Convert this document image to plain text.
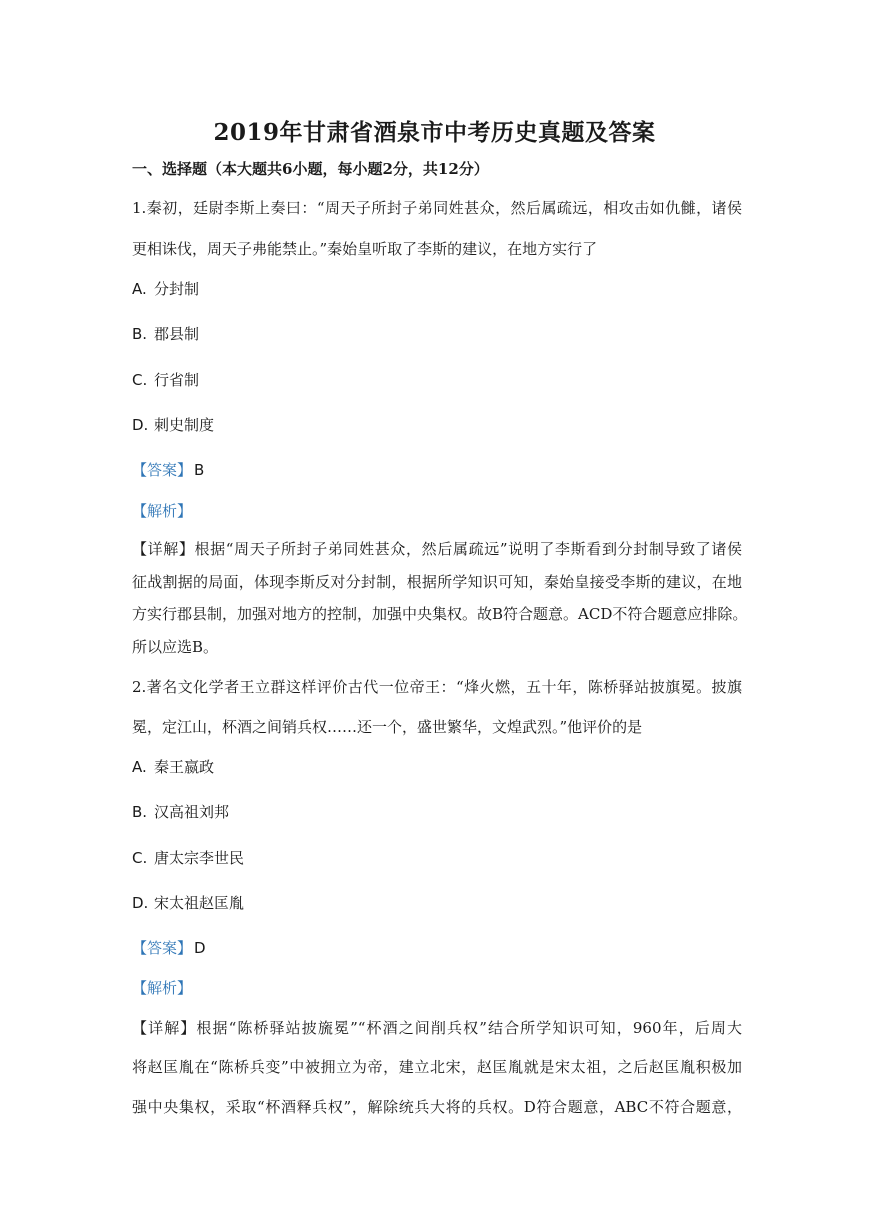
2019年甘肃省酒泉市中考历史真题及答案
一、选择题（本大题共6小题，每小题2分，共12分）
1.秦初，廷尉李斯上奏曰：“周天子所封子弟同姓甚众，然后属疏远，相攻击如仇雠，诸侯
更相诛伐，周天子弗能禁止。”秦始皇听取了李斯的建议，在地方实行了
A. 分封制
B. 郡县制
C. 行省制
D. 刺史制度
【答案】 B
【解析】
【详解】根据“周天子所封子弟同姓甚众，然后属疏远”说明了李斯看到分封制导致了诸侯
征战割据的局面，体现李斯反对分封制，根据所学知识可知，秦始皇接受李斯的建议，在地
方实行郡县制，加强对地方的控制，加强中央集权。故B符合题意。ACD不符合题意应排除。
所以应选B。
2.著名文化学者王立群这样评价古代一位帝王：“烽火燃，五十年，陈桥驿站披旗冕。披旗
冕，定江山，杯酒之间销兵权……还一个，盛世繁华，文煌武烈。”他评价的是
A. 秦王嬴政
B. 汉高祖刘邦
C. 唐太宗李世民
D. 宋太祖赵匡胤
【答案】 D
【解析】
【详解】根据“陈桥驿站披旒冕”“杯酒之间削兵权”结合所学知识可知，960年，后周大
将赵匡胤在“陈桥兵变”中被拥立为帝，建立北宋，赵匡胤就是宋太祖，之后赵匡胤积极加
强中央集权，采取“杯酒释兵权”，解除统兵大将的兵权。D符合题意，ABC不符合题意，
